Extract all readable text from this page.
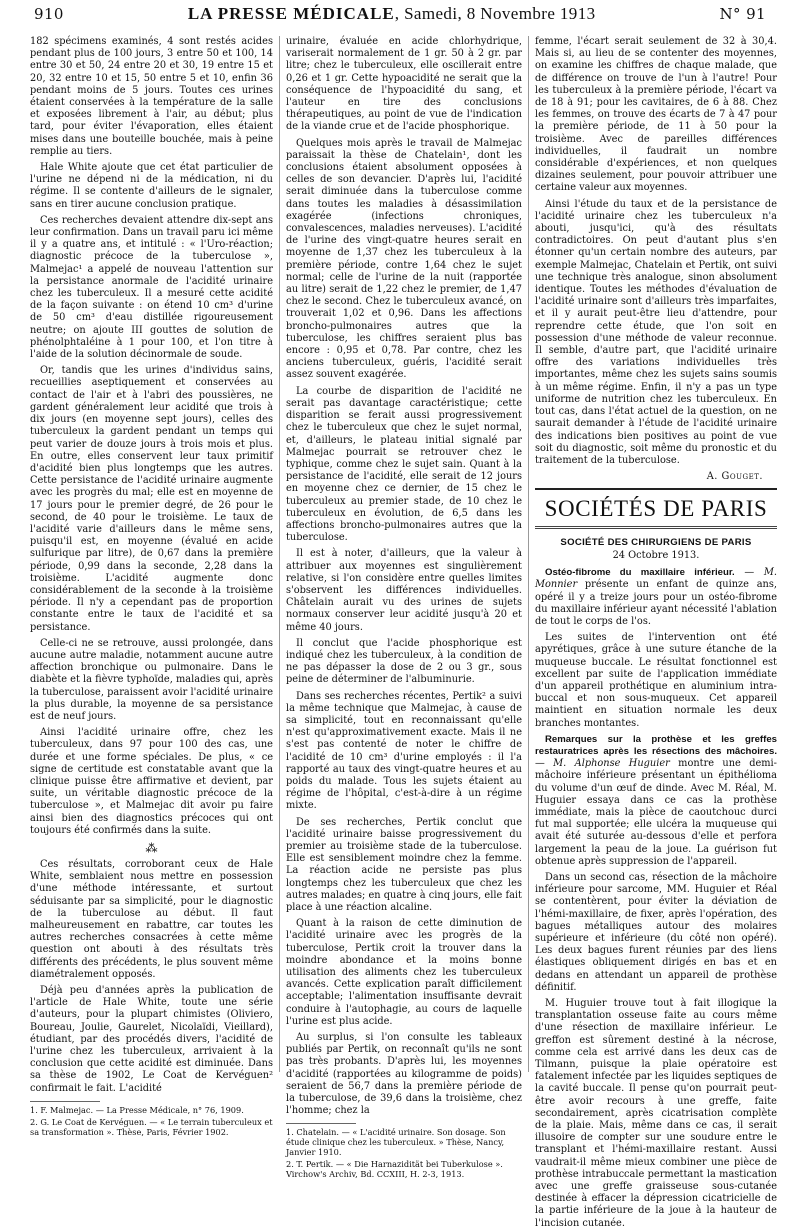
910	LA PRESSE MÉDICALE, Samedi, 8 Novembre 1913	N° 91

182 spécimens examinés, 4 sont restés acides pendant plus de 100 jours, 3 entre 50 et 100, 14 entre 30 et 50, 24 entre 20 et 30, 19 entre 15 et 20, 32 entre 10 et 15, 50 entre 5 et 10, enfin 36 pendant moins de 5 jours. Toutes ces urines étaient conservées à la température de la salle et exposées librement à l'air, au début; plus tard, pour éviter l'évaporation, elles étaient mises dans une bouteille bouchée, mais à peine remplie au tiers.

Hale White ajoute que cet état particulier de l'urine ne dépend ni de la médication, ni du régime. Il se contente d'ailleurs de le signaler, sans en tirer aucune conclusion pratique.

Ces recherches devaient attendre dix-sept ans leur confirmation. Dans un travail paru ici même il y a quatre ans, et intitulé : « l'Uro-réaction; diagnostic précoce de la tuberculose », Malmejac¹ a appelé de nouveau l'attention sur la persistance anormale de l'acidité urinaire chez les tuberculeux. Il a mesuré cette acidité de la façon suivante : on étend 10 cm³ d'urine de 50 cm³ d'eau distillée rigoureusement neutre; on ajoute III gouttes de solution de phénolphtaléine à 1 pour 100, et l'on titre à l'aide de la solution décinormale de soude.

Or, tandis que les urines d'individus sains, recueillies aseptiquement et conservées au contact de l'air et à l'abri des poussières, ne gardent généralement leur acidité que trois à dix jours (en moyenne sept jours), celles des tuberculeux la gardent pendant un temps qui peut varier de douze jours à trois mois et plus. En outre, elles conservent leur taux primitif d'acidité bien plus longtemps que les autres. Cette persistance de l'acidité urinaire augmente avec les progrès du mal; elle est en moyenne de 17 jours pour le premier degré, de 26 pour le second, de 40 pour le troisième. Le taux de l'acidité varie d'ailleurs dans le même sens, puisqu'il est, en moyenne (évalué en acide sulfurique par litre), de 0,67 dans la première période, 0,99 dans la seconde, 2,28 dans la troisième. L'acidité augmente donc considérablement de la seconde à la troisième période. Il n'y a cependant pas de proportion constante entre le taux de l'acidité et sa persistance.

Celle-ci ne se retrouve, aussi prolongée, dans aucune autre maladie, notamment aucune autre affection bronchique ou pulmonaire. Dans le diabète et la fièvre typhoïde, maladies qui, après la tuberculose, paraissent avoir l'acidité urinaire la plus durable, la moyenne de sa persistance est de neuf jours.

Ainsi l'acidité urinaire offre, chez les tuberculeux, dans 97 pour 100 des cas, une durée et une forme spéciales. De plus, « ce signe de certitude est constatable avant que la clinique puisse être affirmative et devient, par suite, un véritable diagnostic précoce de la tuberculose », et Malmejac dit avoir pu faire ainsi bien des diagnostics précoces qui ont toujours été confirmés dans la suite.

⁂

Ces résultats, corroborant ceux de Hale White, semblaient nous mettre en possession d'une méthode intéressante, et surtout séduisante par sa simplicité, pour le diagnostic de la tuberculose au début. Il faut malheureusement en rabattre, car toutes les autres recherches consacrées à cette même question ont abouti à des résultats très différents des précédents, le plus souvent même diamétralement opposés.

Déjà peu d'années après la publication de l'article de Hale White, toute une série d'auteurs, pour la plupart chimistes (Oliviero, Boureau, Joulie, Gaurelet, Nicolaïdi, Vieillard), étudiant, par des procédés divers, l'acidité de l'urine chez les tuberculeux, arrivaient à la conclusion que cette acidité est diminuée. Dans sa thèse de 1902, Le Coat de Kervéguen² confirmait le fait. L'acidité

1. F. Malmejac. — La Presse Médicale, n° 76, 1909.

2. G. Le Coat de Kervéguen. — « Le terrain tuberculeux et sa transformation ». Thèse, Paris, Février 1902.

urinaire, évaluée en acide chlorhydrique, variserait normalement de 1 gr. 50 à 2 gr. par litre; chez le tuberculeux, elle oscillerait entre 0,26 et 1 gr. Cette hypoacidité ne serait que la conséquence de l'hypoacidité du sang, et l'auteur en tire des conclusions thérapeutiques, au point de vue de l'indication de la viande crue et de l'acide phosphorique.

Quelques mois après le travail de Malmejac paraissait la thèse de Chatelain¹, dont les conclusions étaient absolument opposées à celles de son devancier. D'après lui, l'acidité serait diminuée dans la tuberculose comme dans toutes les maladies à désassimilation exagérée (infections chroniques, convalescences, maladies nerveuses). L'acidité de l'urine des vingt-quatre heures serait en moyenne de 1,37 chez les tuberculeux à la première période, contre 1,64 chez le sujet normal; celle de l'urine de la nuit (rapportée au litre) serait de 1,22 chez le premier, de 1,47 chez le second. Chez le tuberculeux avancé, on trouverait 1,02 et 0,96. Dans les affections broncho-pulmonaires autres que la tuberculose, les chiffres seraient plus bas encore : 0,95 et 0,78. Par contre, chez les anciens tuberculeux, guéris, l'acidité serait assez souvent exagérée.

La courbe de disparition de l'acidité ne serait pas davantage caractéristique; cette disparition se ferait aussi progressivement chez le tuberculeux que chez le sujet normal, et, d'ailleurs, le plateau initial signalé par Malmejac pourrait se retrouver chez le typhique, comme chez le sujet sain. Quant à la persistance de l'acidité, elle serait de 12 jours en moyenne chez ce dernier, de 15 chez le tuberculeux au premier stade, de 10 chez le tuberculeux en évolution, de 6,5 dans les affections broncho-pulmonaires autres que la tuberculose.

Il est à noter, d'ailleurs, que la valeur à attribuer aux moyennes est singulièrement relative, si l'on considère entre quelles limites s'observent les différences individuelles. Châtelain aurait vu des urines de sujets normaux conserver leur acidité jusqu'à 20 et même 40 jours.

Il conclut que l'acide phosphorique est indiqué chez les tuberculeux, à la condition de ne pas dépasser la dose de 2 ou 3 gr., sous peine de déterminer de l'albuminurie.

Dans ses recherches récentes, Pertik² a suivi la même technique que Malmejac, à cause de sa simplicité, tout en reconnaissant qu'elle n'est qu'approximativement exacte. Mais il ne s'est pas contenté de noter le chiffre de l'acidité de 10 cm³ d'urine employés : il l'a rapporté au taux des vingt-quatre heures et au poids du malade. Tous les sujets étaient au régime de l'hôpital, c'est-à-dire à un régime mixte.

De ses recherches, Pertik conclut que l'acidité urinaire baisse progressivement du premier au troisième stade de la tuberculose. Elle est sensiblement moindre chez la femme. La réaction acide ne persiste pas plus longtemps chez les tuberculeux que chez les autres malades; en quatre à cinq jours, elle fait place à une réaction alcaline.

Quant à la raison de cette diminution de l'acidité urinaire avec les progrès de la tuberculose, Pertik croit la trouver dans la moindre abondance et la moins bonne utilisation des aliments chez les tuberculeux avancés. Cette explication paraît difficilement acceptable; l'alimentation insuffisante devrait conduire à l'autophagie, au cours de laquelle l'urine est plus acide.

Au surplus, si l'on consulte les tableaux publiés par Pertik, on reconnaît qu'ils ne sont pas très probants. D'après lui, les moyennes d'acidité (rapportées au kilogramme de poids) seraient de 56,7 dans la première période de la tuberculose, de 39,6 dans la troisième, chez l'homme; chez la

1. Chatelain. — « L'acidité urinaire. Son dosage. Son étude clinique chez les tuberculeux. » Thèse, Nancy, Janvier 1910.

2. T. Pertik. — « Die Harnazidität bei Tuberkulose ». Virchow's Archiv, Bd. CCXIII, H. 2-3, 1913.

femme, l'écart serait seulement de 32 à 30,4. Mais si, au lieu de se contenter des moyennes, on examine les chiffres de chaque malade, que de différence on trouve de l'un à l'autre! Pour les tuberculeux à la première période, l'écart va de 18 à 91; pour les cavitaires, de 6 à 88. Chez les femmes, on trouve des écarts de 7 à 47 pour la première période, de 11 à 50 pour la troisième. Avec de pareilles différences individuelles, il faudrait un nombre considérable d'expériences, et non quelques dizaines seulement, pour pouvoir attribuer une certaine valeur aux moyennes.

Ainsi l'étude du taux et de la persistance de l'acidité urinaire chez les tuberculeux n'a abouti, jusqu'ici, qu'à des résultats contradictoires. On peut d'autant plus s'en étonner qu'un certain nombre des auteurs, par exemple Malmejac, Chatelain et Pertik, ont suivi une technique très analogue, sinon absolument identique. Toutes les méthodes d'évaluation de l'acidité urinaire sont d'ailleurs très imparfaites, et il y aurait peut-être lieu d'attendre, pour reprendre cette étude, que l'on soit en possession d'une méthode de valeur reconnue. Il semble, d'autre part, que l'acidité urinaire offre des variations individuelles très importantes, même chez les sujets sains soumis à un même régime. Enfin, il n'y a pas un type uniforme de nutrition chez les tuberculeux. En tout cas, dans l'état actuel de la question, on ne saurait demander à l'étude de l'acidité urinaire des indications bien positives au point de vue soit du diagnostic, soit même du pronostic et du traitement de la tuberculose.

A. Gouget.
SOCIÉTÉS DE PARIS
SOCIÉTÉ DES CHIRURGIENS DE PARIS
24 Octobre 1913.

Ostéo-fibrome du maxillaire inférieur. — M. Monnier présente un enfant de quinze ans, opéré il y a treize jours pour un ostéo-fibrome du maxillaire inférieur ayant nécessité l'ablation de tout le corps de l'os.

Les suites de l'intervention ont été apyrétiques, grâce à une suture étanche de la muqueuse buccale. Le résultat fonctionnel est excellent par suite de l'application immédiate d'un appareil prothétique en aluminium intra-buccal et non sous-muqueux. Cet appareil maintient en situation normale les deux branches montantes.

Remarques sur la prothèse et les greffes restauratrices après les résections des mâchoires. — M. Alphonse Huguier montre une demi-mâchoire inférieure présentant un épithélioma du volume d'un œuf de dinde. Avec M. Réal, M. Huguier essaya dans ce cas la prothèse immédiate, mais la pièce de caoutchouc durci fut mal supportée; elle ulcéra la muqueuse qui avait été suturée au-dessous d'elle et perfora largement la peau de la joue. La guérison fut obtenue après suppression de l'appareil.

Dans un second cas, résection de la mâchoire inférieure pour sarcome, MM. Huguier et Réal se contentèrent, pour éviter la déviation de l'hémi-maxillaire, de fixer, après l'opération, des bagues métalliques autour des molaires supérieure et inférieure (du côté non opéré). Les deux bagues furent réunies par des liens élastiques obliquement dirigés en bas et en dedans en attendant un appareil de prothèse définitif.

M. Huguier trouve tout à fait illogique la transplantation osseuse faite au cours même d'une résection de maxillaire inférieur. Le greffon est sûrement destiné à la nécrose, comme cela est arrivé dans les deux cas de Tilmann, puisque la plaie opératoire est fatalement infectée par les liquides septiques de la cavité buccale. Il pense qu'on pourrait peut-être avoir recours à une greffe, faite secondairement, après cicatrisation complète de la plaie. Mais, même dans ce cas, il serait illusoire de compter sur une soudure entre le transplant et l'hémi-maxillaire restant. Aussi vaudrait-il même mieux combiner une pièce de prothèse intrabuccale permettant la mastication avec une greffe graisseuse sous-cutanée destinée à effacer la dépression cicatricielle de la partie inférieure de la joue à la hauteur de l'incision cutanée.
